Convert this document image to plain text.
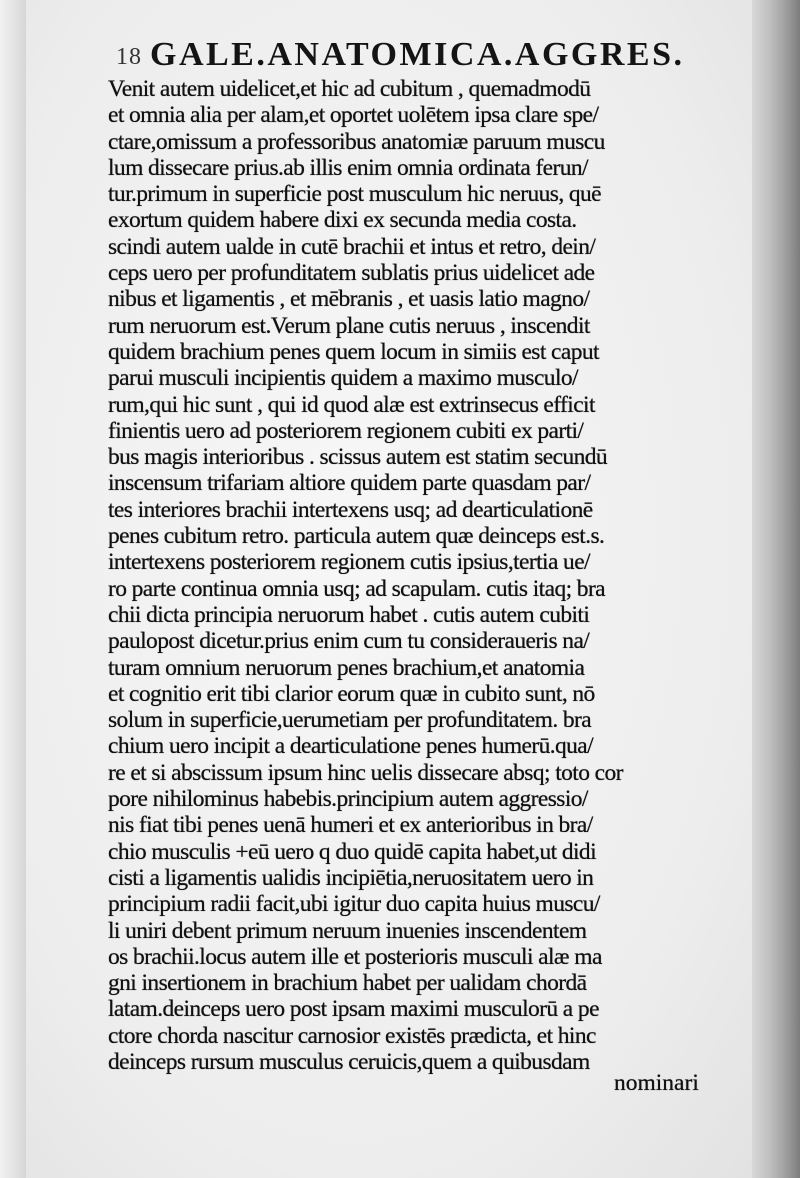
18 GALE.ANATOMICA.AGGRES.
Venit autem uidelicet,et hic ad cubitum , quemadmodū
et omnia alia per alam,et oportet uolētem ipsa clare spe/
ctare,omissum a professoribus anatomiæ paruum muscu
lum dissecare prius.ab illis enim omnia ordinata ferun/
tur.primum in superficie post musculum hic neruus, quē
exortum quidem habere dixi ex secunda media costa.
scindi autem ualde in cutē brachii et intus et retro, dein/
ceps uero per profunditatem sublatis prius uidelicet ade
nibus et ligamentis , et mēbranis , et uasis latio magno/
rum neruorum est.Verum plane cutis neruus , inscendit
quidem brachium penes quem locum in simiis est caput
parui musculi incipientis quidem a maximo musculo/
rum,qui hic sunt , qui id quod alæ est extrinsecus efficit
finientis uero ad posteriorem regionem cubiti ex parti/
bus magis interioribus . scissus autem est statim secundū
inscensum trifariam altiore quidem parte quasdam par/
tes interiores brachii intertexens usq; ad dearticulationē
penes cubitum retro. particula autem quæ deinceps est.s.
intertexens posteriorem regionem cutis ipsius,tertia ue/
ro parte continua omnia usq; ad scapulam. cutis itaq; bra
chii dicta principia neruorum habet . cutis autem cubiti
paulopost dicetur.prius enim cum tu consideraueris na/
turam omnium neruorum penes brachium,et anatomia
et cognitio erit tibi clarior eorum quæ in cubito sunt, nō
solum in superficie,uerumetiam per profunditatem. bra
chium uero incipit a dearticulatione penes humerū.qua/
re et si abscissum ipsum hinc uelis dissecare absq; toto cor
pore nihilominus habebis.principium autem aggressio/
nis fiat tibi penes uenā humeri et ex anterioribus in bra/
chio musculis +eū uero q duo quidē capita habet,ut didi
cisti a ligamentis ualidis incipiētia,neruositatem uero in
principium radii facit,ubi igitur duo capita huius muscu/
li uniri debent primum neruum inuenies inscendentem
os brachii.locus autem ille et posterioris musculi alæ ma
gni insertionem in brachium habet per ualidam chordā
latam.deinceps uero post ipsam maximi musculorū a pe
ctore chorda nascitur carnosior existēs prædicta, et hinc
deinceps rursum musculus ceruicis,quem a quibusdam
nominari
